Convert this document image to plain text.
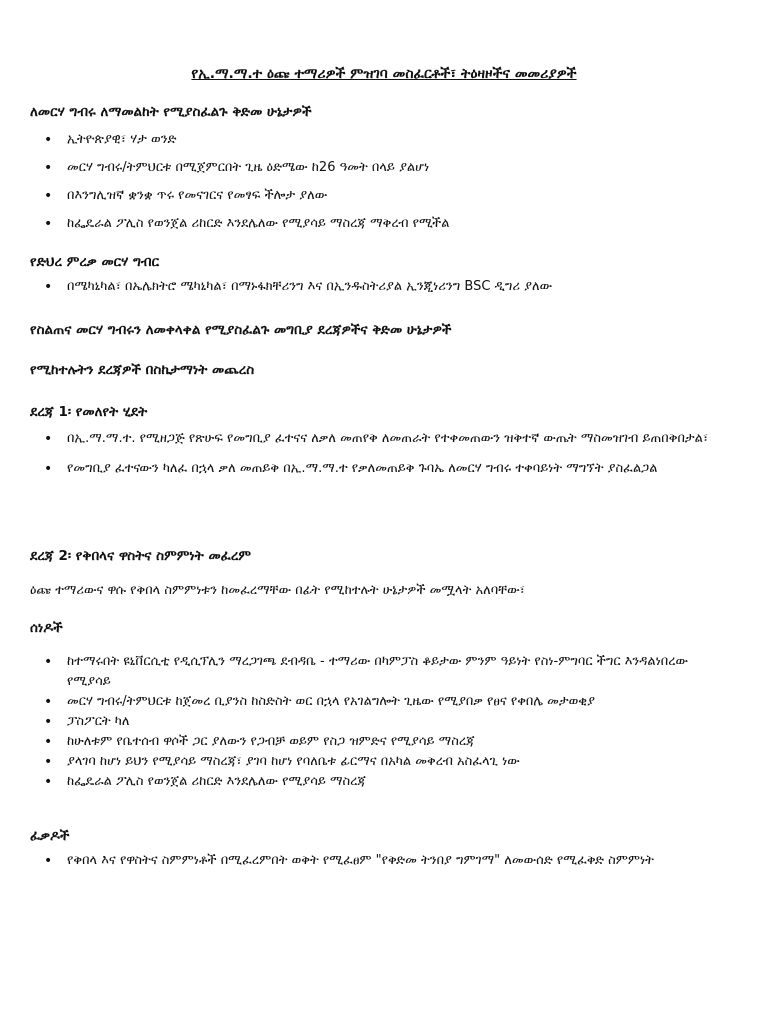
የኢ.ማ.ማ.ተ ዕጩ ተማሪዎች ምዝገባ መስፈርቶች፣ ትዕዛዞችና መመሪያዎች
ለመርሃ ግብሩ ለማመልከት የሚያስፈልጉ ቅድመ ሁኔታዎች
• ኢትዮጵያዊ፣ ሃታ ወንድ
• መርሃ ግብሩ/ትምህርቱ በሚጀምርበት ጊዜ ዕድሜው ከ26 ዓመት በላይ ያልሆነ
• በእንግሊዝኛ ቋንቋ ጥሩ የመናገርና የመፃፍ ችሎታ ያለው
• ከፌዴራል ፖሊስ የወንጀል ሪከርድ እንደሌለው የሚያሳይ ማስረጃ ማቅረብ የሚችል
የድህረ ምረቃ መርሃ ግብር
• በሜካኒካል፣ በኤሌክትሮ ሜካኒካል፣ በማኑፋክቸሪንግ እና በኢንዱስትሪያል ኢንጂነሪንግ BSC ዲግሪ ያለው
የስልጠና መርሃ ግብሩን ለመቀላቀል የሚያስፈልጉ መግቢያ ደረጃዎችና ቅድመ ሁኔታዎች
የሚከተሉትን ደረጃዎች በስኬታማነት መጨረስ
ደረጃ 1፡ የመለየት ሂደት
• በኢ.ማ.ማ.ተ. የሚዘጋጅ የጽሁፍ የመግቢያ ፈተናና ለቃለ መጠየቅ ለመጠራት የተቀመጠውን ዝቅተኛ ውጤት ማስመዝገብ ይጠበቅበታል፣
• የመግቢያ ፈተናውን ካለፈ በኋላ ቃለ መጠይቅ በኢ.ማ.ማ.ተ የቃለመጠይቅ ጉባኤ ለመርሃ ግብሩ ተቀባይነት ማግኘት ያስፈልጋል
ደረጃ 2፡ የቅበላና ዋስትና ስምምነት መፈረም
ዕጩ ተማሪውና ዋሱ የቅበላ ስምምነቱን ከመፈረማቸው በፊት የሚከተሉት ሁኔታዎች መሟላት አለባቸው፣
ሰነዶች
• ከተማሩበት ዩኒቨርሲቲ የዲሲፕሊን ማረጋገጫ ደብዳቤ - ተማሪው በካምፓስ ቆይታው ምንም ዓይነት የስነ-ምግባር ችግር እንዳልነበረው የሚያሳይ
• መርሃ ግብሩ/ትምህርቱ ከጀመረ ቢያንስ ከስድስት ወር በኋላ የአገልግሎት ጊዜው የሚያበቃ የፀና የቀበሌ መታወቂያ
• ፓስፖርት ካለ
• ከሁለቱም የቤተሰብ ዋሶች ጋር ያለውን የጋብቻ ወይም የስጋ ዝምድና የሚያሳይ ማስረጃ
• ያላገባ ከሆነ ይህን የሚያሳይ ማስረጃ፣ ያገባ ከሆነ የባለቤቱ ፊርማና በአካል መቅረብ አስፈላጊ ነው
• ከፌዴራል ፖሊስ የወንጀል ሪከርድ እንደሌለው የሚያሳይ ማስረጃ
ፈቃዶች
• የቅበላ እና የዋስትና ስምምነቶች በሚፈረምበት ወቅት የሚፈፀም "የቅድመ ትንበያ ግምገማ" ለመውሰድ የሚፈቅድ ስምምነት
